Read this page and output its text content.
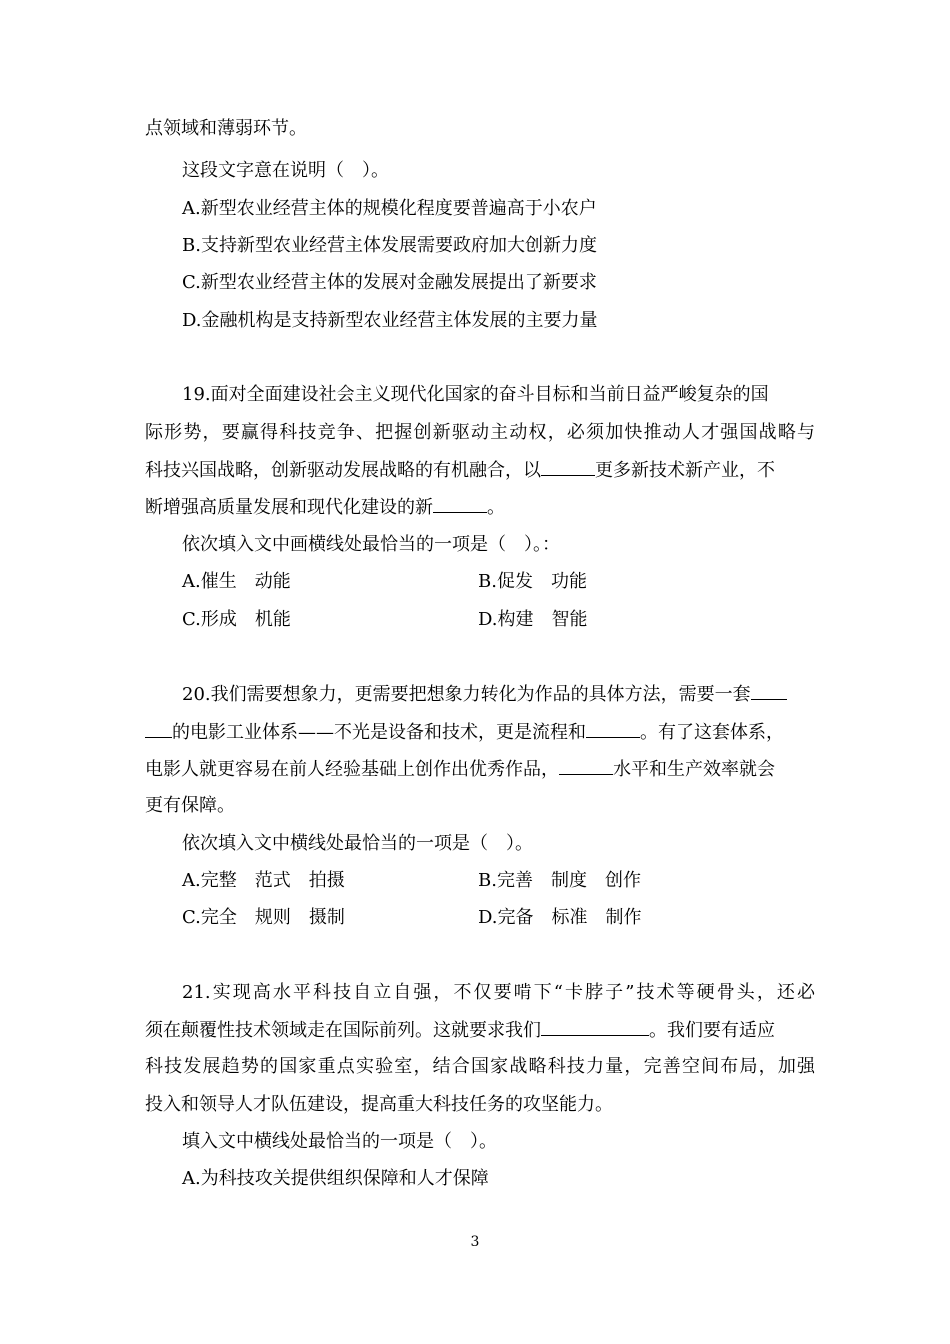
点领域和薄弱环节。
这段文字意在说明（　）。
A.新型农业经营主体的规模化程度要普遍高于小农户
B.支持新型农业经营主体发展需要政府加大创新力度
C.新型农业经营主体的发展对金融发展提出了新要求
D.金融机构是支持新型农业经营主体发展的主要力量
19.面对全面建设社会主义现代化国家的奋斗目标和当前日益严峻复杂的国
际形势，要赢得科技竞争、把握创新驱动主动权，必须加快推动人才强国战略与
科技兴国战略，创新驱动发展战略的有机融合，以	更多新技术新产业，不
断增强高质量发展和现代化建设的新	。
依次填入文中画横线处最恰当的一项是（　）。：
A.催生　动能	B.促发　功能
C.形成　机能	D.构建　智能
20.我们需要想象力，更需要把想象力转化为作品的具体方法，需要一套
的电影工业体系——不光是设备和技术，更是流程和	。有了这套体系，
电影人就更容易在前人经验基础上创作出优秀作品，	水平和生产效率就会
更有保障。
依次填入文中横线处最恰当的一项是（　）。
A.完整　范式　拍摄	B.完善　制度　创作
C.完全　规则　摄制	D.完备　标准　制作
21.实现高水平科技自立自强，不仅要啃下“卡脖子”技术等硬骨头，还必
须在颠覆性技术领域走在国际前列。这就要求我们	。我们要有适应
科技发展趋势的国家重点实验室，结合国家战略科技力量，完善空间布局，加强
投入和领导人才队伍建设，提高重大科技任务的攻坚能力。
填入文中横线处最恰当的一项是（　）。
A.为科技攻关提供组织保障和人才保障
3
